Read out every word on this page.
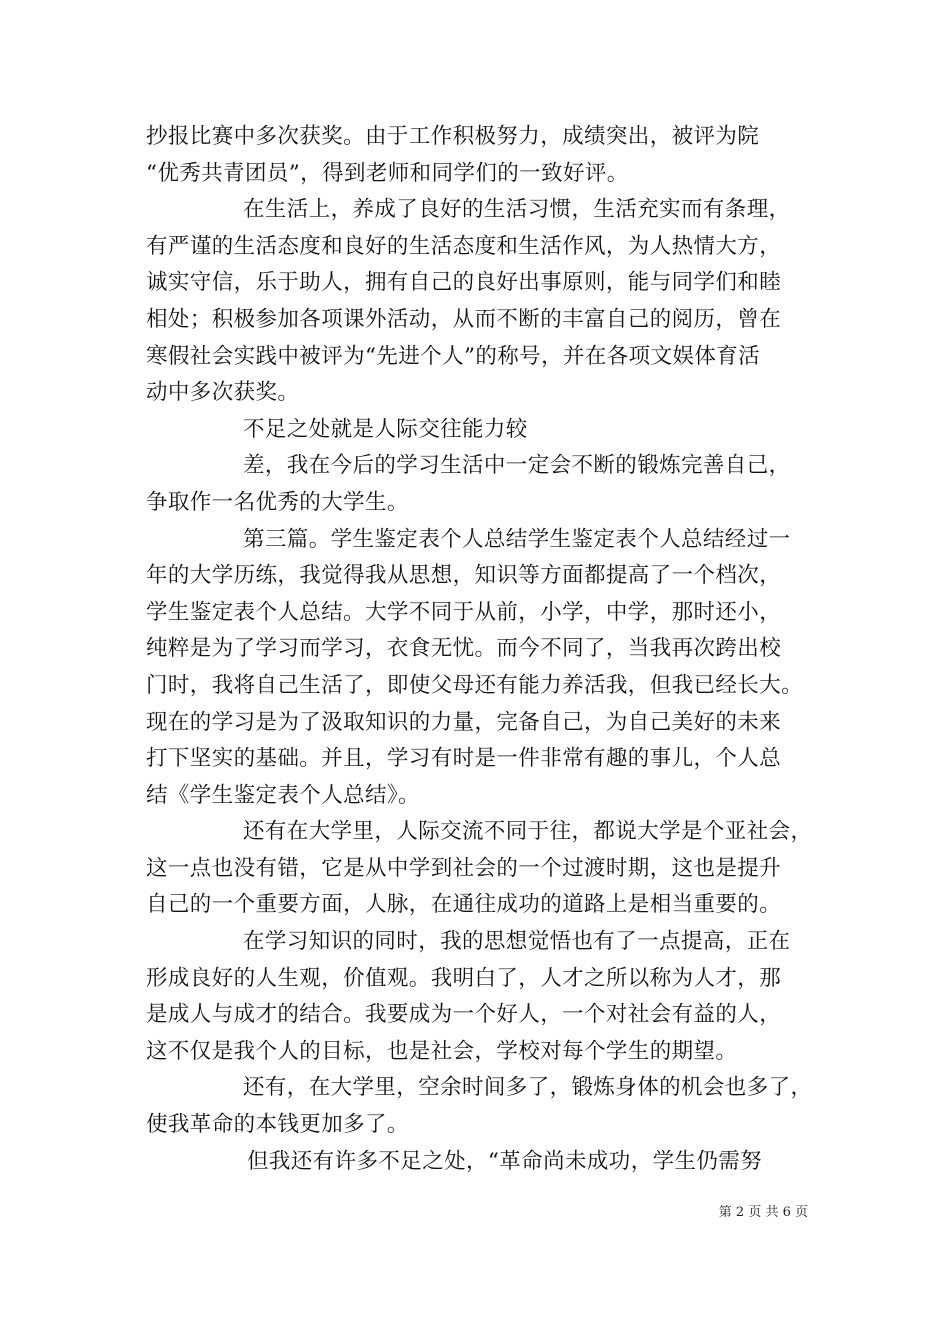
抄报比赛中多次获奖。由于工作积极努力，成绩突出，被评为院
“优秀共青团员”，得到老师和同学们的一致好评。
在生活上，养成了良好的生活习惯，生活充实而有条理，
有严谨的生活态度和良好的生活态度和生活作风，为人热情大方，
诚实守信，乐于助人，拥有自己的良好出事原则，能与同学们和睦
相处；积极参加各项课外活动，从而不断的丰富自己的阅历，曾在
寒假社会实践中被评为“先进个人”的称号，并在各项文娱体育活
动中多次获奖。
不足之处就是人际交往能力较
差，我在今后的学习生活中一定会不断的锻炼完善自己，
争取作一名优秀的大学生。
第三篇。学生鉴定表个人总结学生鉴定表个人总结经过一
年的大学历练，我觉得我从思想，知识等方面都提高了一个档次，
学生鉴定表个人总结。大学不同于从前，小学，中学，那时还小，
纯粹是为了学习而学习，衣食无忧。而今不同了，当我再次跨出校
门时，我将自己生活了，即使父母还有能力养活我，但我已经长大。
现在的学习是为了汲取知识的力量，完备自己，为自己美好的未来
打下坚实的基础。并且，学习有时是一件非常有趣的事儿，个人总
结《学生鉴定表个人总结》。
还有在大学里，人际交流不同于往，都说大学是个亚社会，
这一点也没有错，它是从中学到社会的一个过渡时期，这也是提升
自己的一个重要方面，人脉，在通往成功的道路上是相当重要的。
在学习知识的同时，我的思想觉悟也有了一点提高，正在
形成良好的人生观，价值观。我明白了，人才之所以称为人才，那
是成人与成才的结合。我要成为一个好人，一个对社会有益的人，
这不仅是我个人的目标，也是社会，学校对每个学生的期望。
还有，在大学里，空余时间多了，锻炼身体的机会也多了，
使我革命的本钱更加多了。
但我还有许多不足之处，“革命尚未成功，学生仍需努
第 2 页 共 6 页
